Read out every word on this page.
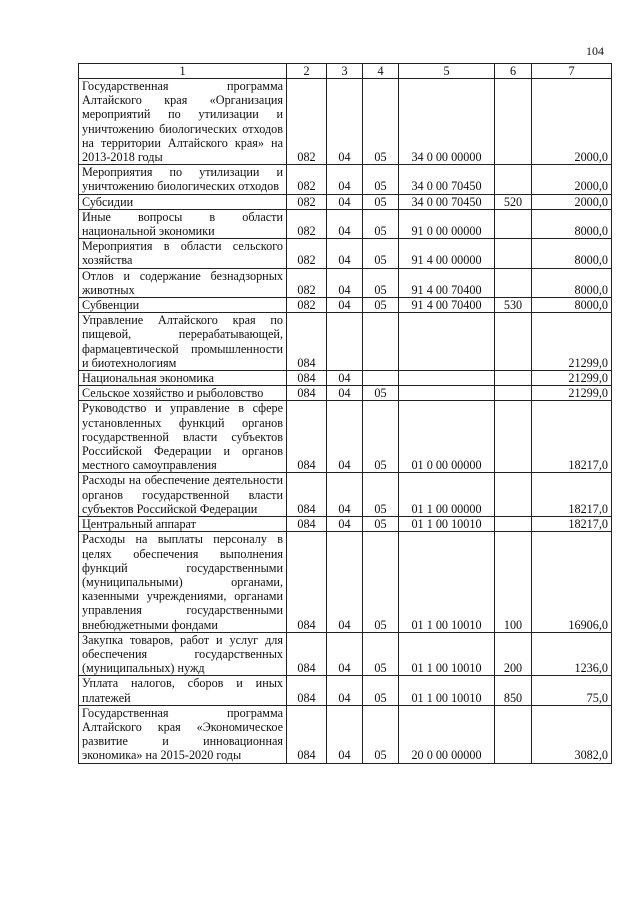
104
1	2	3	4	5	6	7
Государственная программа Алтайского края «Организация мероприятий по утилизации и уничтожению биологических отходов на территории Алтайского края» на 2013-2018 годы	082	04	05	34 0 00 00000		2000,0
Мероприятия по утилизации и уничтожению биологических отходов	082	04	05	34 0 00 70450		2000,0
Субсидии	082	04	05	34 0 00 70450	520	2000,0
Иные вопросы в области национальной экономики	082	04	05	91 0 00 00000		8000,0
Мероприятия в области сельского хозяйства	082	04	05	91 4 00 00000		8000,0
Отлов и содержание безнадзорных животных	082	04	05	91 4 00 70400		8000,0
Субвенции	082	04	05	91 4 00 70400	530	8000,0
Управление Алтайского края по пищевой, перерабатывающей, фармацевтической промышленности и биотехнологиям	084					21299,0
Национальная экономика	084	04				21299,0
Сельское хозяйство и рыболовство	084	04	05			21299,0
Руководство и управление в сфере установленных функций органов государственной власти субъектов Российской Федерации и органов местного самоуправления	084	04	05	01 0 00 00000		18217,0
Расходы на обеспечение деятельности органов государственной власти субъектов Российской Федерации	084	04	05	01 1 00 00000		18217,0
Центральный аппарат	084	04	05	01 1 00 10010		18217,0
Расходы на выплаты персоналу в целях обеспечения выполнения функций государственными (муниципальными) органами, казенными учреждениями, органами управления государственными внебюджетными фондами	084	04	05	01 1 00 10010	100	16906,0
Закупка товаров, работ и услуг для обеспечения государственных (муниципальных) нужд	084	04	05	01 1 00 10010	200	1236,0
Уплата налогов, сборов и иных платежей	084	04	05	01 1 00 10010	850	75,0
Государственная программа Алтайского края «Экономическое развитие и инновационная экономика» на 2015-2020 годы	084	04	05	20 0 00 00000		3082,0
